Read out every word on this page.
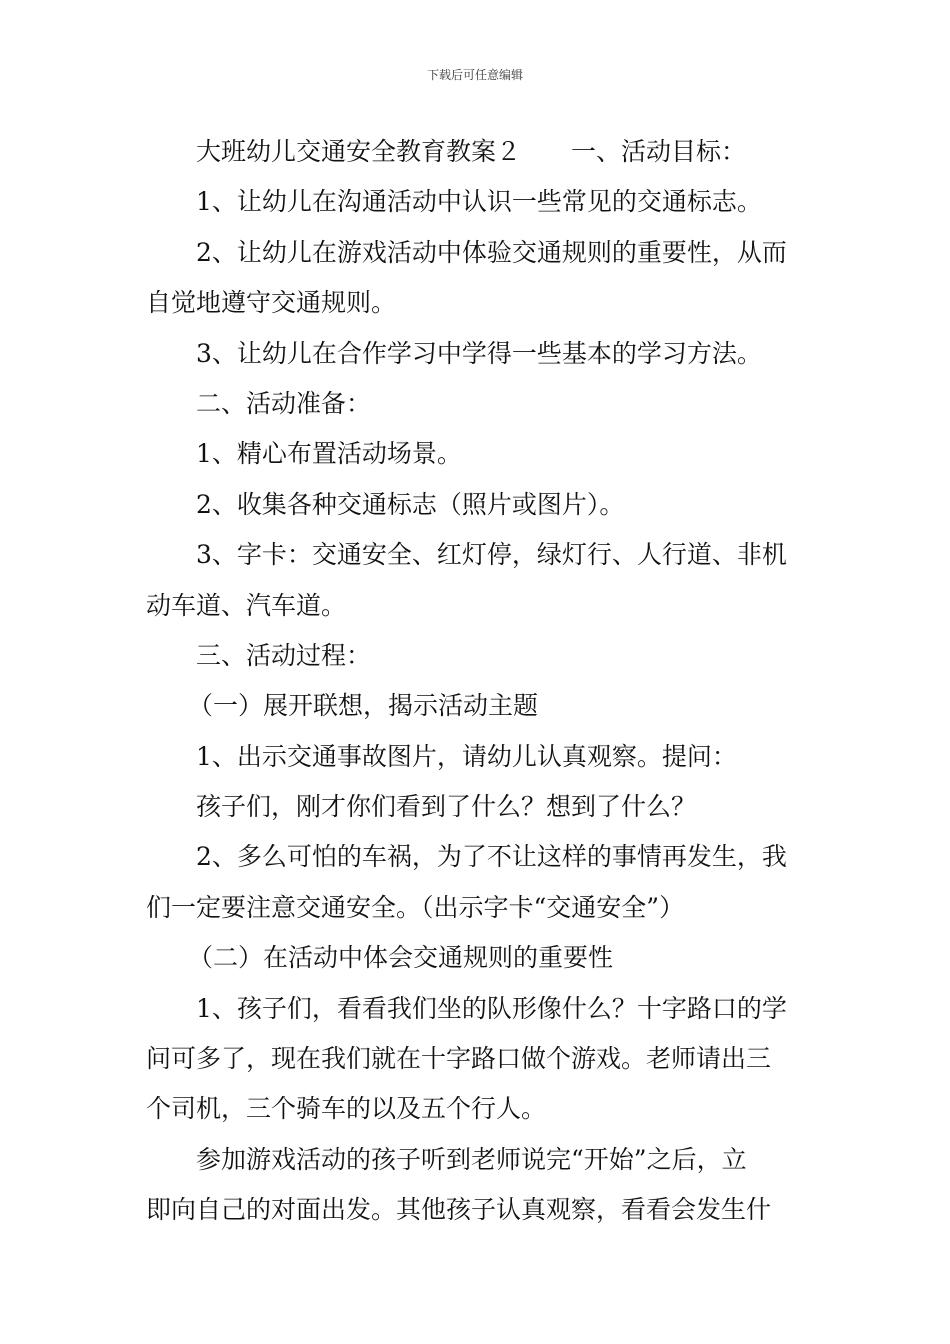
下载后可任意编辑
大班幼儿交通安全教育教案２ 一、活动目标：
1、让幼儿在沟通活动中认识一些常见的交通标志。
2、让幼儿在游戏活动中体验交通规则的重要性，从而
自觉地遵守交通规则。
3、让幼儿在合作学习中学得一些基本的学习方法。
二、活动准备：
1、精心布置活动场景。
2、收集各种交通标志（照片或图片）。
3、字卡：交通安全、红灯停，绿灯行、人行道、非机
动车道、汽车道。
三、活动过程：
（一）展开联想，揭示活动主题
1、出示交通事故图片，请幼儿认真观察。提问：
孩子们，刚才你们看到了什么？想到了什么？
2、多么可怕的车祸，为了不让这样的事情再发生，我
们一定要注意交通安全。（出示字卡“交通安全”）
（二）在活动中体会交通规则的重要性
1、孩子们，看看我们坐的队形像什么？十字路口的学
问可多了，现在我们就在十字路口做个游戏。老师请出三
个司机，三个骑车的以及五个行人。
参加游戏活动的孩子听到老师说完“开始”之后，立
即向自己的对面出发。其他孩子认真观察，看看会发生什
